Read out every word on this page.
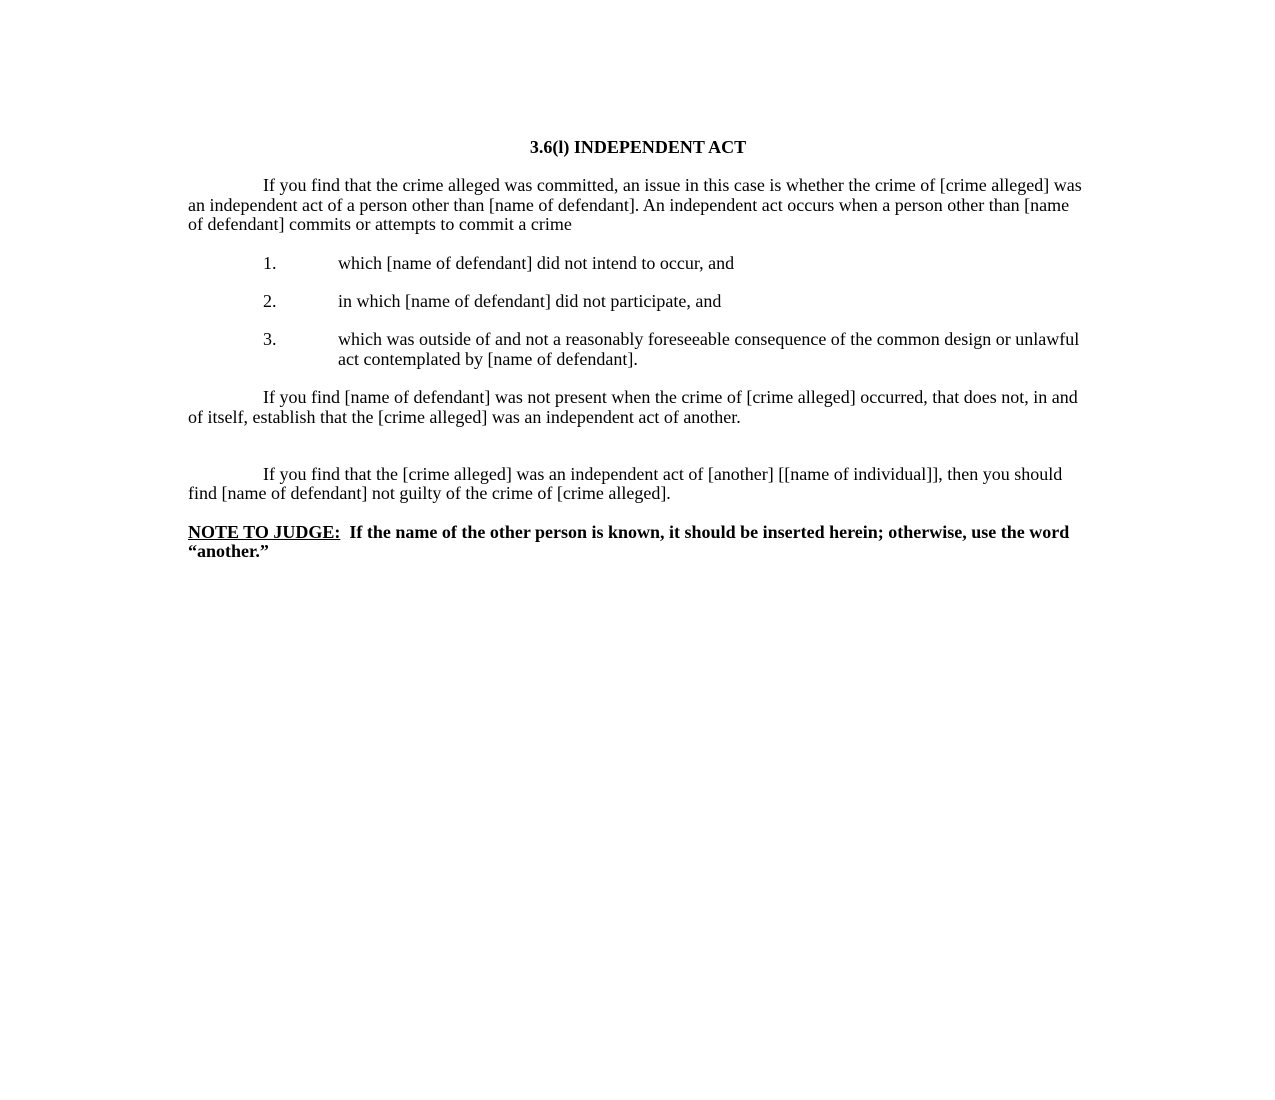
3.6(l) INDEPENDENT ACT

If you find that the crime alleged was committed, an issue in this case is whether the crime of [crime alleged] was an independent act of a person other than [name of defendant]. An independent act occurs when a person other than [name of defendant] commits or attempts to commit a crime

1.	which [name of defendant] did not intend to occur, and
2.	in which [name of defendant] did not participate, and
3.	which was outside of and not a reasonably foreseeable consequence of the common design or unlawful act contemplated by [name of defendant].

If you find [name of defendant] was not present when the crime of [crime alleged] occurred, that does not, in and of itself, establish that the [crime alleged] was an independent act of another.

If you find that the [crime alleged] was an independent act of [another] [[name of individual]], then you should find [name of defendant] not guilty of the crime of [crime alleged].

NOTE TO JUDGE: If the name of the other person is known, it should be inserted herein; otherwise, use the word “another.”
